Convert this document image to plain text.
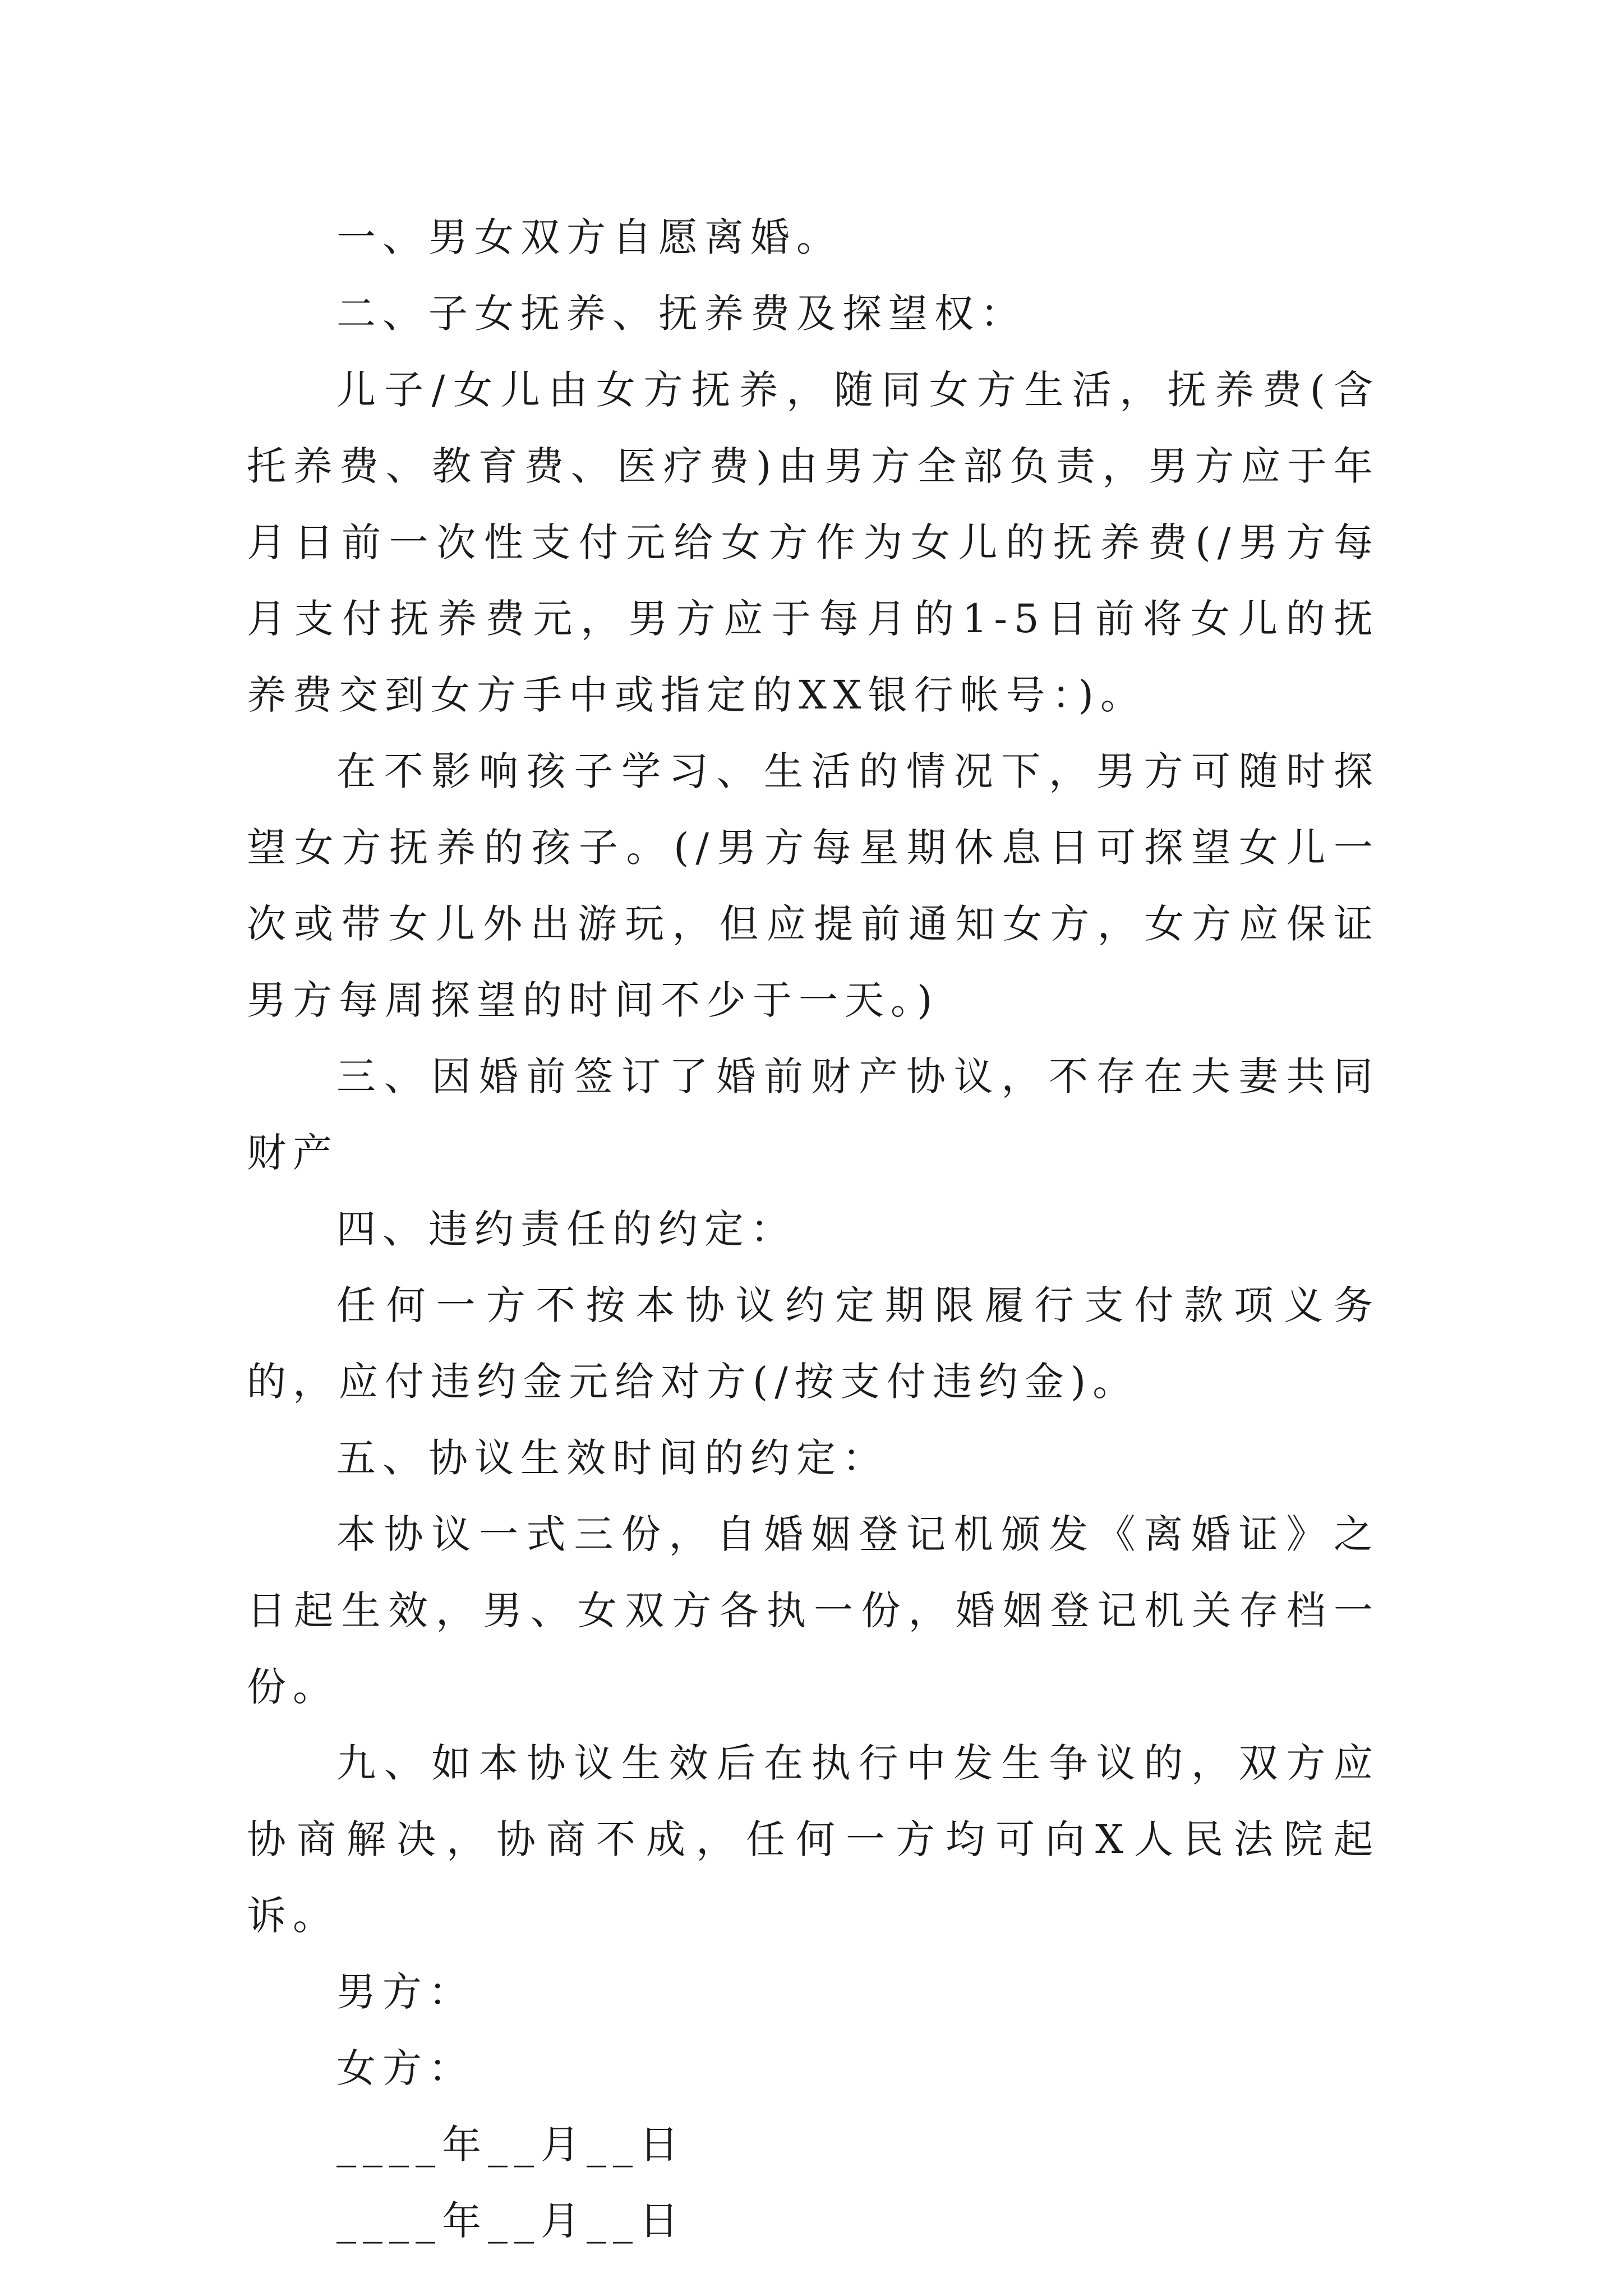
一、男女双方自愿离婚。

二、子女抚养、抚养费及探望权：

儿子/女儿由女方抚养，随同女方生活，抚养费(含托养费、教育费、医疗费)由男方全部负责，男方应于年月日前一次性支付元给女方作为女儿的抚养费(/男方每月支付抚养费元，男方应于每月的1-5日前将女儿的抚养费交到女方手中或指定的XX银行帐号：)。

在不影响孩子学习、生活的情况下，男方可随时探望女方抚养的孩子。(/男方每星期休息日可探望女儿一次或带女儿外出游玩，但应提前通知女方，女方应保证男方每周探望的时间不少于一天。)

三、因婚前签订了婚前财产协议，不存在夫妻共同财产

四、违约责任的约定：

任何一方不按本协议约定期限履行支付款项义务的，应付违约金元给对方(/按支付违约金)。

五、协议生效时间的约定：

本协议一式三份，自婚姻登记机颁发《离婚证》之日起生效，男、女双方各执一份，婚姻登记机关存档一份。

九、如本协议生效后在执行中发生争议的，双方应协商解决，协商不成，任何一方均可向X人民法院起诉。

男方：

女方：

____年__月__日

____年__月__日
